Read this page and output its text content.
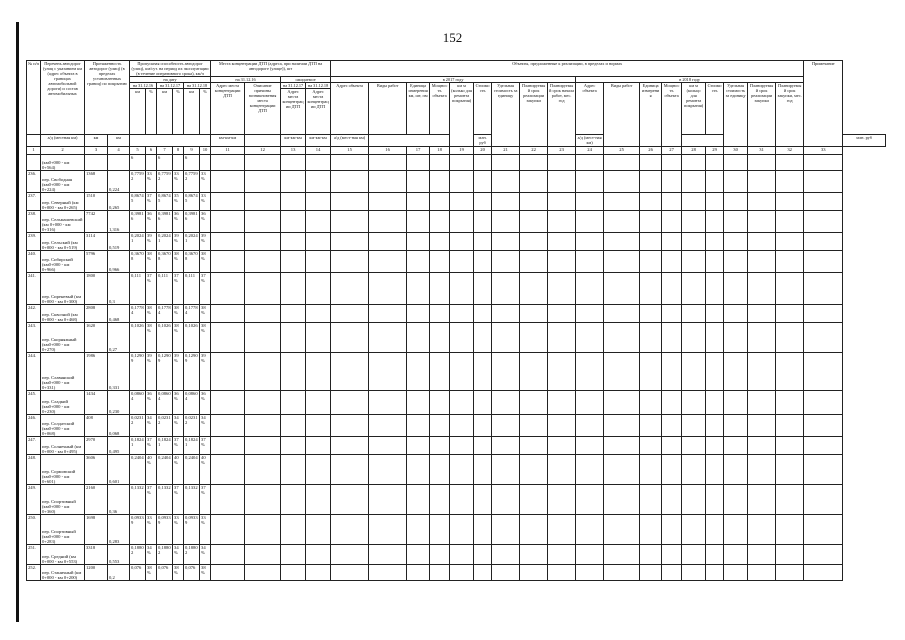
152
№ п/п	Перечень автодорог (улиц с указанием км (адрес объекта в границах автомобильной дороги) и состав автомобильных	Протяженность автодорог (улиц) (в пределах установленных границ) по покрытию		Пропускная способность автодорог (улиц), км/сут. на период их эксплуатации (в течение оперативного срока), км/ч						Места концентрации ДТП (адреса, при наличии ДТП на автодороге (улице)), шт				Объекты, предложенные к реализации, в пределах и нормах																		Примечание	
				на дату						на 31.12.16		ожидаемое		в 2017 году									в 2018 году										
				на 31.12.16		на 31.12.17		на 31.12.18		Адрес места концентрации ДТП	Описание причины возникновения места концентрации ДТП	на 31.12.17	на 31.12.18	Адрес объекта	Виды работ	Единица измерения км, шт, пм	Мощность объекта	км м (колько для ремонта покрытия)	Стоимость	Удельная стоимость за единицу	Планируемый срок реализации закупки	Планируемый срок начала работ, мес. год	Адрес объекта	Виды работ	Единица измерения	Мощность объекта	км м (кольцо для ремонта покрытия)	Стоимость	Удельная стоимость за единицу	Планируемый срок реализации закупки	Планируемый срок закупки, мес. год		
				км	%	км	%	км	%			Адрес места концентрации ДТП	Адрес места концентрации ДТП																				
	а/д (местная км)	км	км							км-км-км		км-км-км	км-км-км	а/д (мест-ная км)					млн. руб				а/д (мест-ная км)										млн. руб
1	2	3	4	5	6	7	8	9	10	11	12	13	14	15	16	17	18	19	20	21	22	23	24	25	26	27	28	29	30	31	32	33	
	(км0+000 - км 0+564)			6		6		6																									
236.	пер. Свободная (км0+000 - км 0+224)	1368	0,224	0,7759 2	33%	0,7759 2	33%	0,7759 2	33%																								
237.	пер. Северный (км 0+000 - км 0+265)	1510	0,265	0,8674 5	37%	0,8674 5	35%	0,8674 5	33%																								
238.	пер. Сельмашевский (км 0+000 - км 0+316)	7742	1,316	0,3981 6	36%	0,3981 6	36%	0,3981 6	36%																								
239.	пер. Сельский (км 0+000 - км 0+519)	3114	0,519	0,2024 1	39%	0,2024 1	39%	0,2024 1	39%																								
240.	пер. Сибирский (км0+000 - км 0+966)	5796	0,966	0,3670 8	38%	0,3670 8	38%	0,3670 8	38%																								
241.	пер. Сиреневый (км 0+000 - км 0+300)	1800	0,3	0,111	37%	0,111	37%	0,111	37%																								
242.	пер. Сквозной (км 0+000 - км 0+468)	2808	0,468	0,1778 4	38%	0,1778 4	38%	0,1778 4	38%																								
243.	пер. Скорняжный (км0+000 - км 0+270)	1620	0,27	0,1026	38%	0,1026	38%	0,1026	38%																								
244.	пер. Славянский (км0+000 - км 0+331)	1986	0,331	0,1290 9	39%	0,1290 9	39%	0,1290 9	39%																								
245.	пер. Сладкий (км0+000 - км 0+230)	1434	0,230	0,0860 4	36%	0,0860 4	36%	0,0860 4	36%																								
246.	пер. Солдатский (км0+000 - км 0+068)	408	0,068	0,0231 2	34%	0,0231 2	34%	0,0231 2	34%																								
247.	пер. Солнечный (км 0+000 - км 0+495)	2970	0,495	0,1824 1	37%	0,1824 1	37%	0,1824 1	37%																								
248.	пер. Сормовский (км0+000 - км 0+601)	3606	0,601	0,2404	40%	0,2404	40%	0,2404	40%																								
249.	пер. Спортивный (км0+000 - км 0+360)	2160	0,36	0,1332	37%	0,1332	37%	0,1332	37%																								
250.	пер. Спортивный (км0+000 - км 0+283)	1698	0,283	0,0933 9	33%	0,0933 9	33%	0,0933 9	33%																								
251.	пер. Средний (км 0+000 - км 0+553)	3318	0,553	0,1880 2	34%	0,1880 2	34%	0,1880 2	34%																								
252.	пер. Станичный (км 0+000 - км 0+200)	1200	0,2	0,076	38%	0,076	38%	0,076	38%																								
